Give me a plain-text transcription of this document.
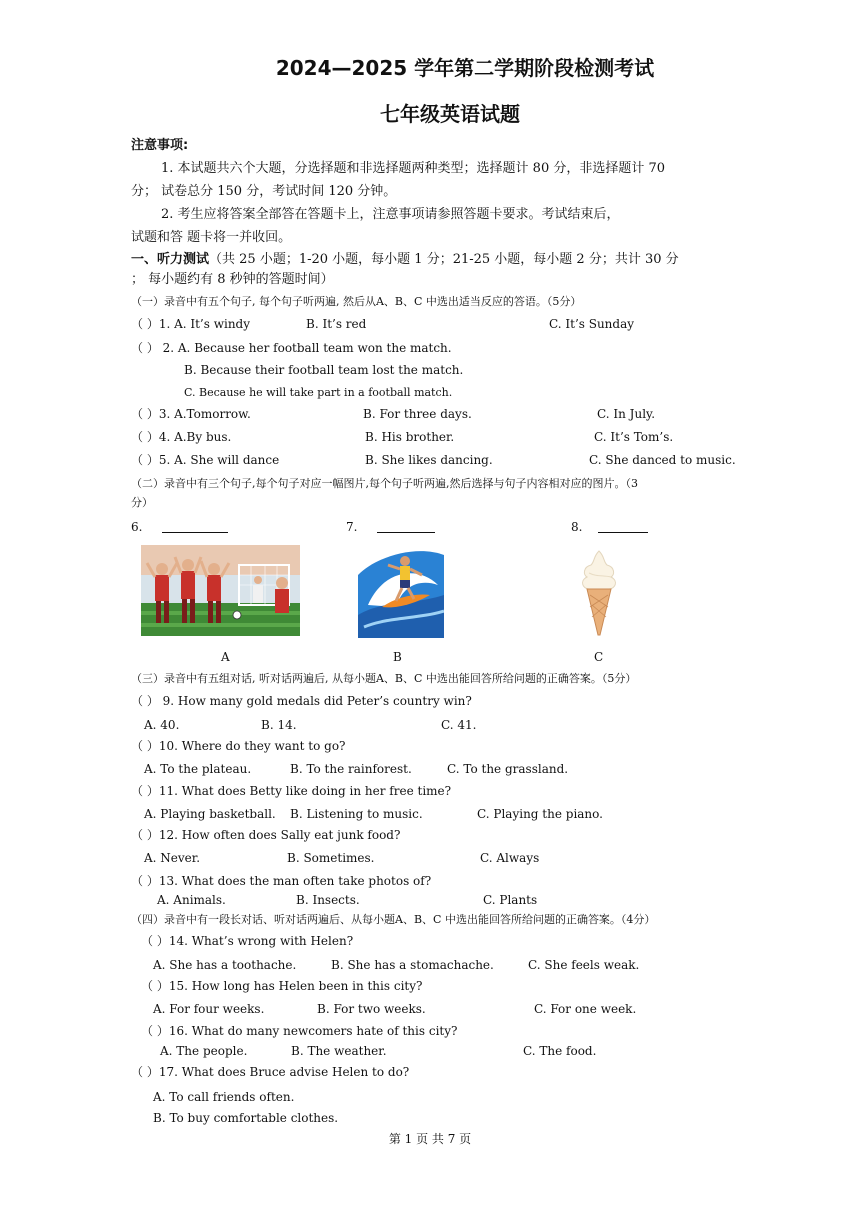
2024—2025 学年第二学期阶段检测考试
七年级英语试题
注意事项:
1. 本试题共六个大题，分选择题和非选择题两种类型；选择题计 80 分，非选择题计 70
分； 试卷总分 150 分，考试时间 120 分钟。
2. 考生应将答案全部答在答题卡上，注意事项请参照答题卡要求。考试结束后，
试题和答 题卡将一并收回。
一、听力测试（共 25 小题；1-20 小题，每小题 1 分；21-25 小题，每小题 2 分；共计 30 分
； 每小题约有 8 秒钟的答题时间）
（一）录音中有五个句子, 每个句子听两遍, 然后从A、B、C 中选出适当反应的答语。（5分）
（ ）1. A. It’s windy	B. It’s red	C. It’s Sunday
（ ） 2. A. Because her football team won the match.
B. Because their football team lost the match.
C. Because he will take part in a football match.
（ ）3. A.Tomorrow.	B. For three days.	C. In July.
（ ）4. A.By bus.	B. His brother.	C. It’s Tom’s.
（ ）5. A. She will dance	B. She likes dancing.	C. She danced to music.
（二）录音中有三个句子,每个句子对应一幅图片,每个句子听两遍,然后选择与句子内容相对应的图片。（3
分）
6.	7.	8.
A	B	C
（三）录音中有五组对话, 听对话两遍后, 从每小题A、B、C 中选出能回答所给问题的正确答案。（5分）
（ ） 9. How many gold medals did Peter’s country win?
A. 40.	B. 14.	C. 41.
（ ）10. Where do they want to go?
A. To the plateau.	B. To the rainforest.	C. To the grassland.
（ ）11. What does Betty like doing in her free time?
A. Playing basketball. B. Listening to music.	C. Playing the piano.
（ ）12. How often does Sally eat junk food?
A. Never.	B. Sometimes.	C. Always
（ ）13. What does the man often take photos of?
A. Animals.	B. Insects.	C. Plants
（四）录音中有一段长对话、听对话两遍后、从每小题A、B、C 中选出能回答所给问题的正确答案。（4分）
（ ）14. What’s wrong with Helen?
A. She has a toothache.	B. She has a stomachache.	C. She feels weak.
（ ）15. How long has Helen been in this city?
A. For four weeks.	B. For two weeks.	C. For one week.
（ ）16. What do many newcomers hate of this city?
A. The people.	B. The weather.	C. The food.
（ ）17. What does Bruce advise Helen to do?
A. To call friends often.
B. To buy comfortable clothes.
第 1 页 共 7 页
